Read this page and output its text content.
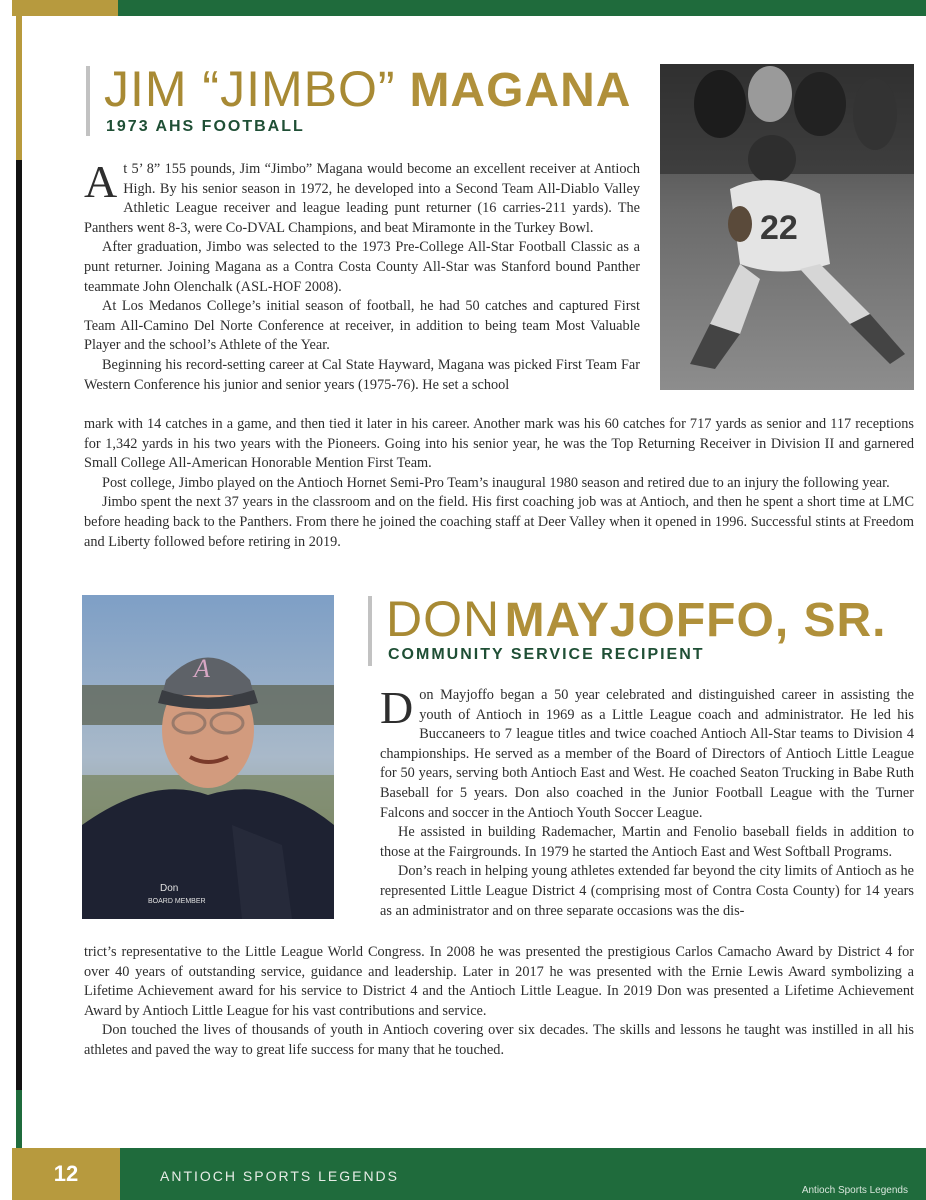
JIM “JIMBO” MAGANA
1973 AHS FOOTBALL
22

At 5’ 8” 155 pounds, Jim “Jimbo” Magana would become an excellent receiver at Antioch High. By his senior season in 1972, he developed into a Second Team All-Diablo Valley Athletic League receiver and league leading punt returner (16 carries-211 yards). The Panthers went 8-3, were Co-DVAL Champions, and beat Miramonte in the Turkey Bowl.

After graduation, Jimbo was selected to the 1973 Pre-College All-Star Football Classic as a punt returner. Joining Magana as a Contra Costa County All-Star was Stanford bound Panther teammate John Olenchalk (ASL-HOF 2008).

At Los Medanos College’s initial season of football, he had 50 catches and captured First Team All-Camino Del Norte Conference at receiver, in addition to being team Most Valuable Player and the school’s Athlete of the Year.

Beginning his record-setting career at Cal State Hayward, Magana was picked First Team Far Western Conference his junior and senior years (1975-76). He set a school

mark with 14 catches in a game, and then tied it later in his career. Another mark was his 60 catches for 717 yards as senior and 117 receptions for 1,342 yards in his two years with the Pioneers. Going into his senior year, he was the Top Returning Receiver in Division II and garnered Small College All-American Honorable Mention First Team.

Post college, Jimbo played on the Antioch Hornet Semi-Pro Team’s inaugural 1980 season and retired due to an injury the following year.

Jimbo spent the next 37 years in the classroom and on the field. His first coaching job was at Antioch, and then he spent a short time at LMC before heading back to the Panthers. From there he joined the coaching staff at Deer Valley when it opened in 1996. Successful stints at Freedom and Liberty followed before retiring in 2019.

A
Don
BOARD MEMBER
DON MAYJOFFO, SR.
COMMUNITY SERVICE RECIPIENT

Don Mayjoffo began a 50 year celebrated and distinguished career in assisting the youth of Antioch in 1969 as a Little League coach and administrator. He led his Buccaneers to 7 league titles and twice coached Antioch All-Star teams to Division 4 championships. He served as a member of the Board of Directors of Antioch Little League for 50 years, serving both Antioch East and West. He coached Seaton Trucking in Babe Ruth Baseball for 5 years. Don also coached in the Junior Football League with the Turner Falcons and soccer in the Antioch Youth Soccer League.

He assisted in building Rademacher, Martin and Fenolio baseball fields in addition to those at the Fairgrounds. In 1979 he started the Antioch East and West Softball Programs.

Don’s reach in helping young athletes extended far beyond the city limits of Antioch as he represented Little League District 4 (comprising most of Contra Costa County) for 14 years as an administrator and on three separate occasions was the dis-

trict’s representative to the Little League World Congress. In 2008 he was presented the prestigious Carlos Camacho Award by District 4 for over 40 years of outstanding service, guidance and leadership. Later in 2017 he was presented with the Ernie Lewis Award symbolizing a Lifetime Achievement award for his service to District 4 and the Antioch Little League. In 2019 Don was presented a Lifetime Achievement Award by Antioch Little League for his vast contributions and service.

Don touched the lives of thousands of youth in Antioch covering over six decades. The skills and lessons he taught was instilled in all his athletes and paved the way to great life success for many that he touched.

12	ANTIOCH SPORTS LEGENDS
Antioch Sports Legends
